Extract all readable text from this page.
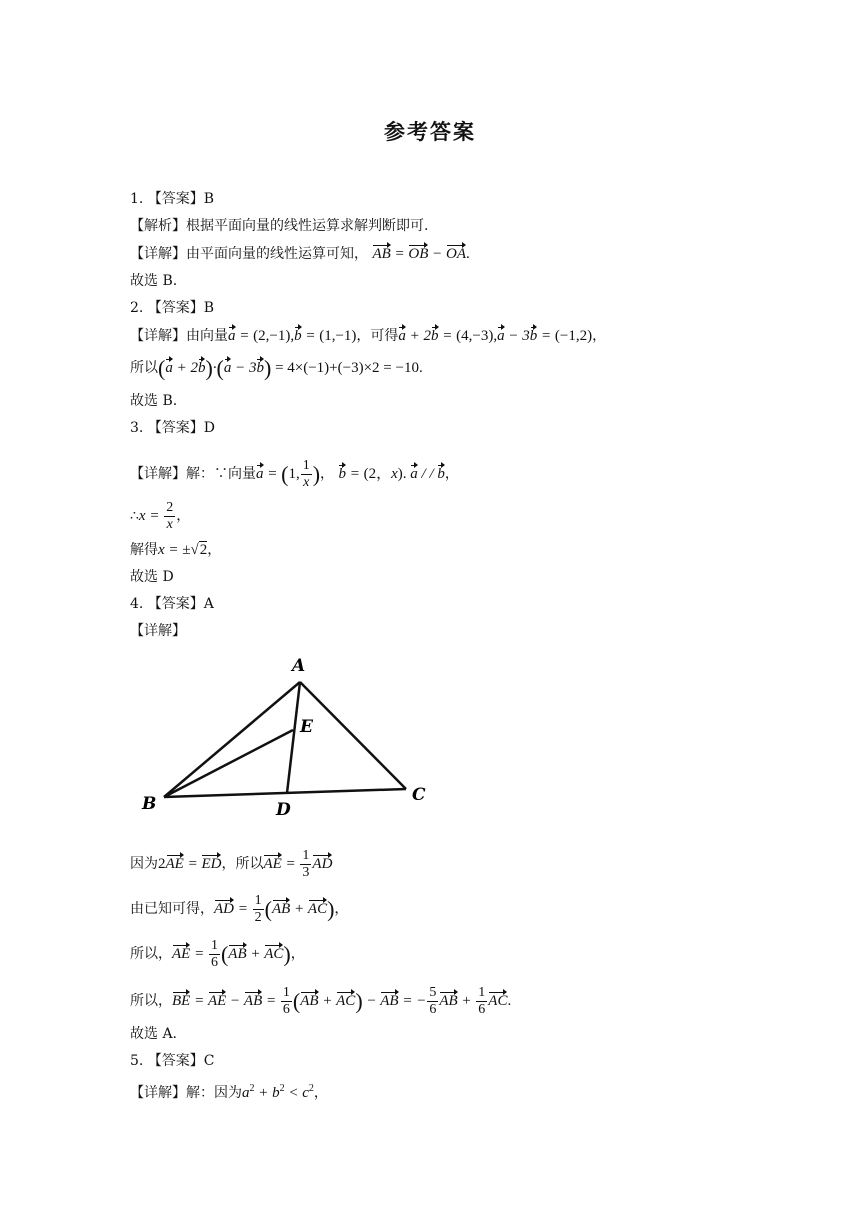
参考答案
1. 【答案】B
【解析】根据平面向量的线性运算求解判断即可.
【详解】由平面向量的线性运算可知， AB = OB − OA.
故选 B.
2. 【答案】B
【详解】由向量a = (2,−1),b = (1,−1)，可得a + 2b = (4,−3),a − 3b = (−1,2)，
所以(a + 2b)·(a − 3b) = 4×(−1)+(−3)×2 = −10.
故选 B.
3. 【答案】D
【详解】解：∵向量a = (1, $\frac{1}{x}$ )， b = (2，x). a / / b，
∴x = $\frac{2}{x}$ ，
解得x = ±√2，
故选 D
4. 【答案】A
【详解】
A
B	C
D
E
因为2AE = ED，所以AE = $\frac{1}{3}$ AD
由已知可得，AD = $\frac{1}{2} (AB + AC)$，
所以，AE = $\frac{1}{6} (AB + AC)$，
所以，BE = AE − AB = $\frac{1}{6} (AB + AC)$ − AB = − $\frac{5}{6}$ AB + $\frac{1}{6}$ AC.
故选 A.
5. 【答案】C
【详解】解：因为$a^2 + b^2 < c^2$，
